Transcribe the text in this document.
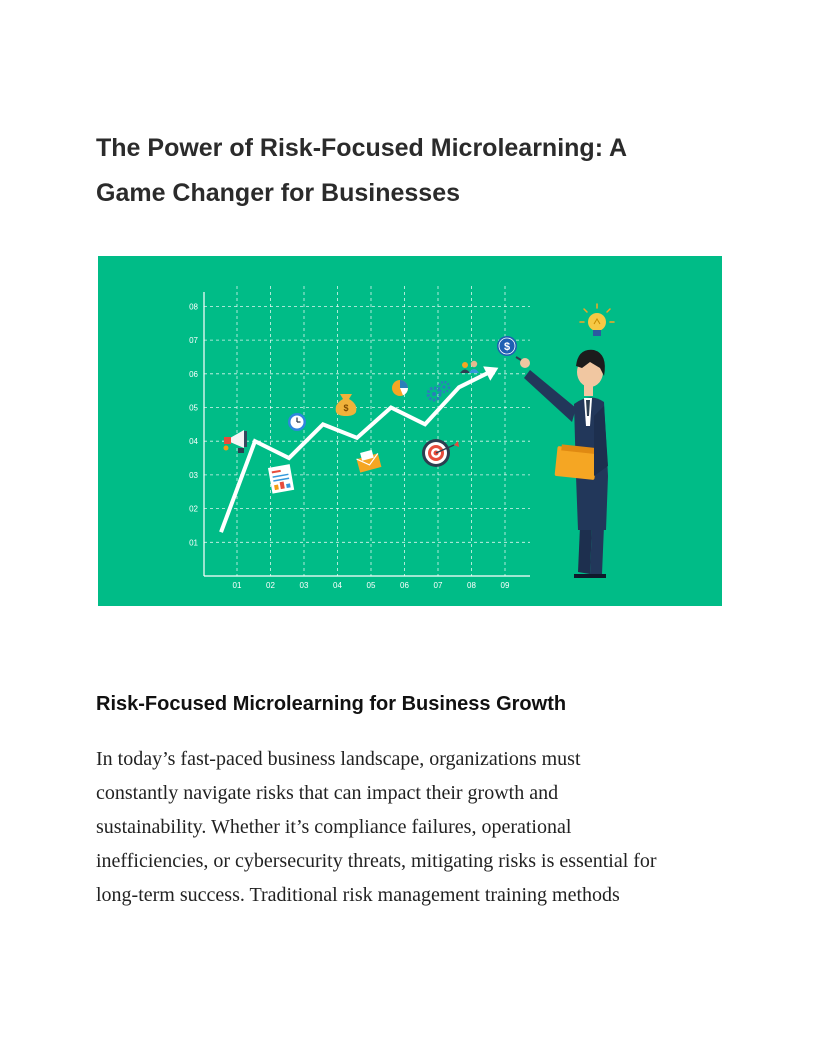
The Power of Risk-Focused Microlearning: A
Game Changer for Businesses
01
02
03
04
05
06
07
08
01	02	03	04	05	06	07	08	09
$
$
Risk-Focused Microlearning for Business Growth

In today’s fast-paced business landscape, organizations must
constantly navigate risks that can impact their growth and
sustainability. Whether it’s compliance failures, operational
inefficiencies, or cybersecurity threats, mitigating risks is essential for
long-term success. Traditional risk management training methods
